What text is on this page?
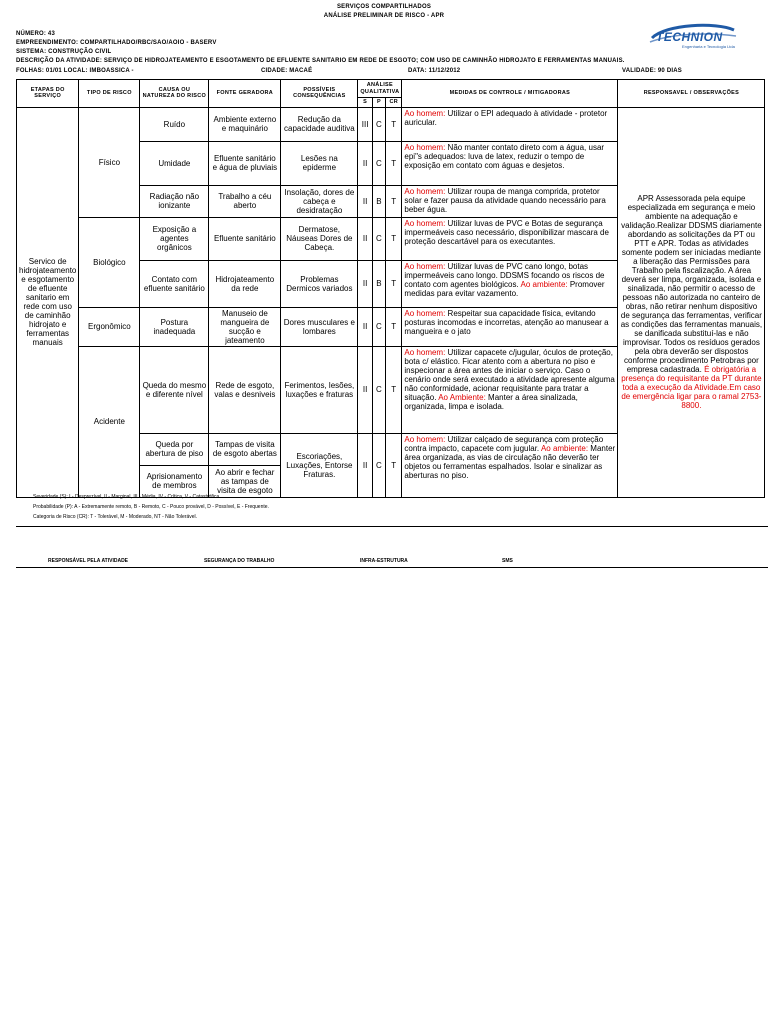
SERVIÇOS COMPARTILHADOS
ANÁLISE PRELIMINAR DE RISCO - APR
NÚMERO: 43
EMPREENDIMENTO: COMPARTILHADO/RBC/SAO/AOIO - BASERV
SISTEMA: CONSTRUÇÃO CIVIL
DESCRIÇÃO DA ATIVIDADE: SERVIÇO DE HIDROJATEAMENTO E ESGOTAMENTO DE EFLUENTE SANITARIO EM REDE DE ESGOTO; COM USO DE CAMINHÃO HIDROJATO E FERRAMENTAS MANUAIS.
FOLHAS: 01/01 LOCAL: IMBOASSICA -	CIDADE: MACAÉ	DATA: 11/12/2012	VALIDADE: 90 DIAS
TECHNION
Engenharia e Tecnologia Ltda
ETAPAS DO SERVIÇO	TIPO DE RISCO	CAUSA OU NATUREZA DO RISCO	FONTE GERADORA	POSSÍVEIS CONSEQUÊNCIAS	ANÁLISE QUALITATIVA			MEDIDAS DE CONTROLE / MITIGADORAS	RESPONSAVEL / OBSERVAÇÕES
					S	P	CR		
Servico de hidrojateamento e esgotamento de efluente sanitario em rede com uso de caminhão hidrojato e ferramentas manuais	Físico	Ruído	Ambiente externo e maquinário	Redução da capacidade auditiva	III	C	T	Ao homem: Utilizar o EPI adequado à atividade - protetor auricular.	APR Assessorada pela equipe especializada em segurança e meio ambiente na adequação e validação.Realizar DDSMS diariamente abordando as solicitações da PT ou PTT e APR. Todas as atividades somente podem ser iniciadas mediante a liberação das Permissões para Trabalho pela fiscalização. A área deverá ser limpa, organizada, isolada e sinalizada, não permitir o acesso de pessoas não autorizada no canteiro de obras, não retirar nenhum dispositivo de segurança das ferramentas, verificar as condições das ferramentas manuais, se danificada substituí-las e não improvisar. Todos os resíduos gerados pela obra deverão ser dispostos conforme procedimento Petrobras por empresa cadastrada. É obrigatória a presença do requisitante da PT durante toda a execução da Atividade.Em caso de emergência ligar para o ramal 2753-8800.
		Umidade	Efluente sanitário e água de pluviais	Lesões na epiderme	II	C	T	Ao homem: Não manter contato direto com a água, usar epi"s adequados: luva de latex, reduzir o tempo de exposição em contato com águas e desjetos.	
		Radiação não ionizante	Trabalho a céu aberto	Insolação, dores de cabeça e desidratação	II	B	T	Ao homem: Utilizar roupa de manga comprida, protetor solar e fazer pausa da atividade quando necessário para beber água.	
	Biológico	Exposição a agentes orgânicos	Efluente sanitário	Dermatose, Náuseas Dores de Cabeça.	II	C	T	Ao homem: Utilizar luvas de PVC e Botas de segurança impermeáveis caso necessário, disponibilizar mascara de proteção descartável para os executantes.	
		Contato com efluente sanitário	Hidrojateamento da rede	Problemas Dermicos variados	II	B	T	Ao homem: Utilizar luvas de PVC cano longo, botas impermeáveis cano longo. DDSMS focando os riscos de contato com agentes biológicos. Ao ambiente: Promover medidas para evitar vazamento.	
	Ergonômico	Postura inadequada	Manuseio de mangueira de sucção e jateamento	Dores musculares e lombares	II	C	T	Ao homem: Respeitar sua capacidade física, evitando posturas incomodas e incorretas, atenção ao manusear a mangueira e o jato	
	Acidente	Queda do mesmo e diferente nível	Rede de esgoto, valas e desniveis	Ferimentos, lesões, luxações e fraturas	II	C	T	Ao homem: Utilizar capacete c/jugular, óculos de proteção, bota c/ elástico. Ficar atento com a abertura no piso e inspecionar a área antes de iniciar o serviço. Caso o cenário onde será executado a atividade apresente alguma não conformidade, acionar requisitante para tratar a situação. Ao Ambiente: Manter a área sinalizada, organizada, limpa e isolada.	
		Queda por abertura de piso	Tampas de visita de esgoto abertas	Escoriações, Luxações, Entorse Fraturas.	II	C	T	Ao homem: Utilizar calçado de segurança com proteção contra impacto, capacete com jugular. Ao ambiente: Manter área organizada, as vias de circulação não deverão ter objetos ou ferramentas espalhados. Isolar e sinalizar as aberturas no piso.	
		Aprisionamento de membros	Ao abrir e fechar as tampas de visita de esgoto						
Severidade (S): I - Desprezível, II - Marginal, III - Média, IV - Crítica, V - Catastrófica
Probabilidade (P): A - Extremamente remoto, B - Remoto, C - Pouco provável, D - Possível, E - Frequente.
Categoria de Risco (CR): T - Tolerável, M - Moderado, NT - Não Tolerável.
RESPONSÁVEL PELA ATIVIDADE	SEGURANÇA DO TRABALHO	INFRA-ESTRUTURA	SMS
